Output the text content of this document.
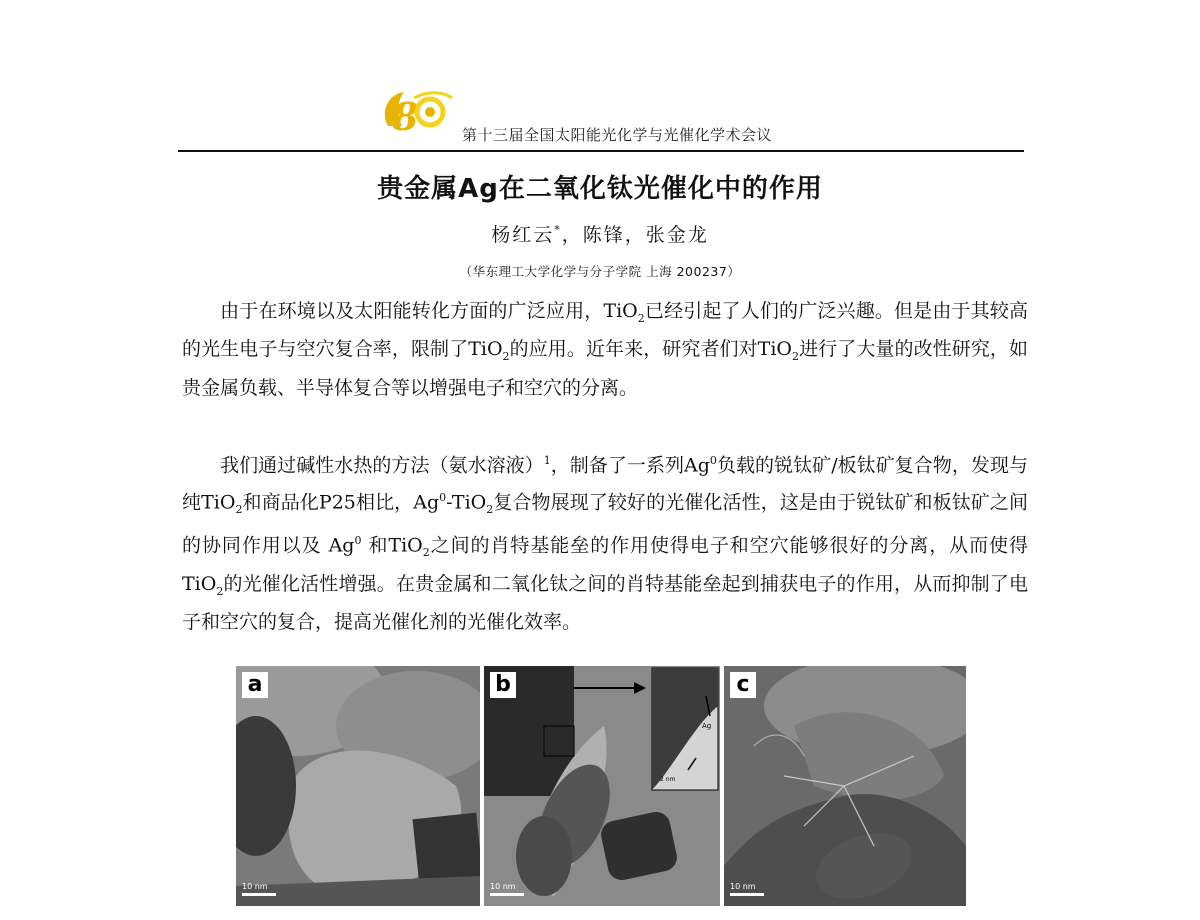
8	第十三届全国太阳能光化学与光催化学术会议
贵金属Ag在二氧化钛光催化中的作用
杨红云*，陈锋，张金龙
（华东理工大学化学与分子学院 上海 200237）
由于在环境以及太阳能转化方面的广泛应用，TiO$_2$已经引起了人们的广泛兴趣。但是由于其较高的光生电子与空穴复合率，限制了TiO$_2$的应用。近年来，研究者们对TiO$_2$进行了大量的改性研究，如贵金属负载、半导体复合等以增强电子和空穴的分离。
我们通过碱性水热的方法（氨水溶液）$^1$，制备了一系列Ag$^0$负载的锐钛矿/板钛矿复合物，发现与纯TiO$_2$和商品化P25相比，$Ag^0-TiO_2$复合物展现了较好的光催化活性，这是由于锐钛矿和板钛矿之间的协同作用以及 Ag$^0$ 和TiO$_2$之间的肖特基能垒的作用使得电子和空穴能够很好的分离，从而使得TiO$_2$的光催化活性增强。在贵金属和二氧化钛之间的肖特基能垒起到捕获电子的作用，从而抑制了电子和空穴的复合，提高光催化剂的光催化效率。
a
10 nm
b
Ag
2 nm
10 nm
c
10 nm
